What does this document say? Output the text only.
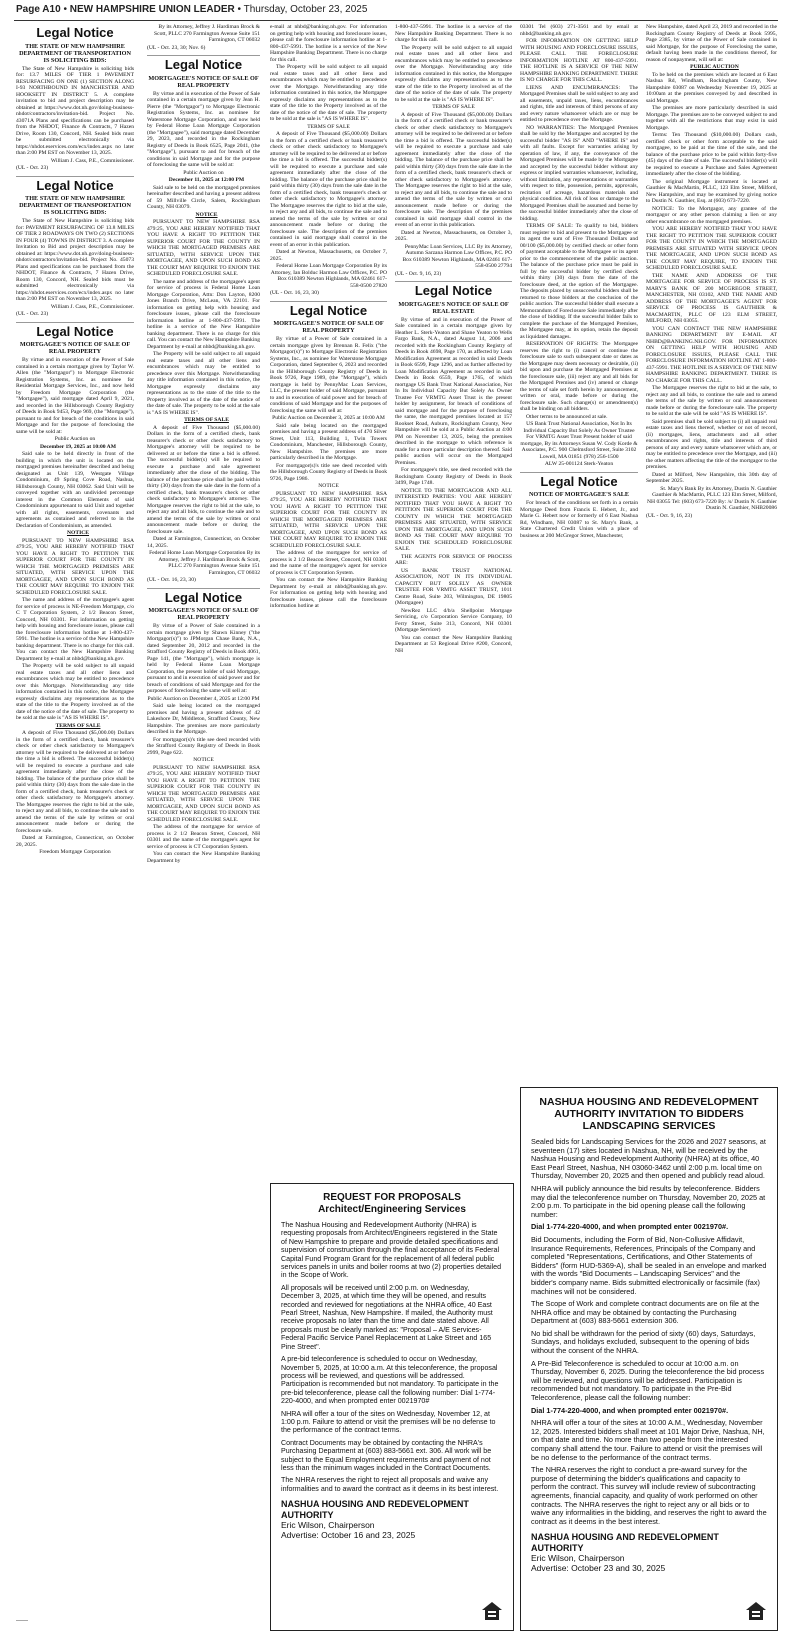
Page A10 • NEW HAMPSHIRE UNION LEADER • Thursday, October 23, 2025
Legal Notice
THE STATE OF NEW HAMPSHIRE DEPARTMENT OF TRANSPORTATION IS SOLICITING BIDS:

The State of New Hampshire is soliciting bids for: 13.7 MILES OF TIER 1 PAVEMENT RESURFACING ON ONE (1) SECTION ALONG I-93 NORTHBOUND IN MANCHESTER AND HOOKSETT IN DISTRICT 5. A complete invitation to bid and project description may be obtained at https://www.dot.nh.gov/doing-business-nhdot/contractors/invitation-bid. Project No. 43071A Plans and specifications can be purchased from the NHDOT, Finance & Contracts, 7 Hazen Drive, Room 130, Concord, NH. Sealed bids must be submitted electronically via https://nhdot.eservices.com/ecx/index.aspx no later than 2:00 PM EST on November 13, 2025.

William J. Cass, P.E., Commissioner.

(UL - Oct. 23)

Legal Notice
THE STATE OF NEW HAMPSHIRE DEPARTMENT OF TRANSPORTATION IS SOLICITING BIDS:

The State of New Hampshire is soliciting bids for: PAVEMENT RESURFACING OF 13.8 MILES OF TIER 2 ROADWAYS ON TWO (2) SECTIONS IN FOUR (4) TOWNS IN DISTRICT 3. A complete Invitation to Bid and project description may be obtained at: https://www.dot.nh.gov/doing-business-nhdot/contractors/invitation-bid. Project No. 45073 Plans and specifications can be purchased from the NHDOT, Finance & Contracts, 7 Hazen Drive, Room 130, Concord, NH. Sealed bids must be submitted electronically via https://nhdot.eservices.com/ecx/index.aspx no later than 2:00 PM EST on November 13, 2025.

William J. Cass, P.E., Commissioner.

(UL - Oct. 23)

Legal Notice
MORTGAGEE'S NOTICE OF SALE OF REAL PROPERTY

By virtue and in execution of the Power of Sale contained in a certain mortgage given by Taylor W. Allen (the "Mortgagor") to Mortgage Electronic Registration Systems, Inc. as nominee for Residential Mortgage Services, Inc., and now held by Freedom Mortgage Corporation (the "Mortgagee"), said mortgage dated April 9, 2021, and recorded in the Hillsborough County Registry of Deeds in Book 9453, Page 969, (the "Mortgage"), pursuant to and for breach of the conditions in said Mortgage and for the purpose of foreclosing the same will be sold at:

Public Auction on

December 19, 2025 at 10:00 AM

Said sale to be held directly in front of the building in which the unit is located on the mortgaged premises hereinafter described and being designated as Unit 139, Westgate Village Condominium, 49 Spring Cove Road, Nashua, Hillsborough County, NH 03062. Said Unit will be conveyed together with an undivided percentage interest in the Common Elements of said Condominium appurtenant to said Unit and together with all rights, easements, covenants and agreements as contained and referred to in the Declaration of Condominium, as amended.

NOTICE

PURSUANT TO NEW HAMPSHIRE RSA 479:25, YOU ARE HEREBY NOTIFIED THAT YOU HAVE A RIGHT TO PETITION THE SUPERIOR COURT FOR THE COUNTY IN WHICH THE MORTGAGED PREMISES ARE SITUATED, WITH SERVICE UPON THE MORTGAGEE, AND UPON SUCH BOND AS THE COURT MAY REQUIRE TO ENJOIN THE SCHEDULED FORECLOSURE SALE.

The name and address of the mortgagee's agent for service of process is NE-Freedom Mortgage, c/o C T Corporation System, 2 1/2 Beacon Street, Concord, NH 03301. For information on getting help with housing and foreclosure issues, please call the foreclosure information hotline at 1-800-437-5991. The hotline is a service of the New Hampshire banking department. There is no charge for this call. You can contact the New Hampshire Banking Department by e-mail at nhbd@banking.nh.gov.

The Property will be sold subject to all unpaid real estate taxes and all other liens and encumbrances which may be entitled to precedence over this Mortgage. Notwithstanding any title information contained in this notice, the Mortgagee expressly disclaims any representations as to the state of the title to the Property involved as of the date of the notice of the date of sale. The property to be sold at the sale is "AS IS WHERE IS".

TERMS OF SALE

A deposit of Five Thousand ($5,000.00) Dollars in the form of a certified check, bank treasurer's check or other check satisfactory to Mortgagee's attorney will be required to be delivered at or before the time a bid is offered. The successful bidder(s) will be required to execute a purchase and sale agreement immediately after the close of the bidding. The balance of the purchase price shall be paid within thirty (30) days from the sale date in the form of a certified check, bank treasurer's check or other check satisfactory to Mortgagee's attorney. The Mortgagee reserves the right to bid at the sale, to reject any and all bids, to continue the sale and to amend the terms of the sale by written or oral announcement made before or during the foreclosure sale.

Dated at Farmington, Connecticut, on October 20, 2025.

Freedom Mortgage Corporation

By its Attorney, Jeffrey J. Hardiman Brock & Scott, PLLC 270 Farmington Avenue Suite 151 Farmington, CT 06032

(UL - Oct. 23, 30; Nov. 6)

Legal Notice
MORTGAGEE'S NOTICE OF SALE OF REAL PROPERTY

By virtue and in execution of the Power of Sale contained in a certain mortgage given by Jean H. Pierre (the "Mortgagor") to Mortgage Electronic Registration Systems, Inc. as nominee for Waterstone Mortgage Corporation, and now held by Federal Home Loan Mortgage Corporation (the "Mortgagee"), said mortgage dated December 29, 2023, and recorded in the Rockingham Registry of Deeds in Book 6525, Page 2041, (the "Mortgage"), pursuant to and for breach of the conditions in said Mortgage and for the purpose of foreclosing the same will be sold at:

Public Auction on

December 11, 2025 at 12:00 PM

Said sale to be held on the mortgaged premises hereinafter described and having a present address of 59 Millville Circle, Salem, Rockingham County, NH 03079.

NOTICE

PURSUANT TO NEW HAMPSHIRE RSA 479:25, YOU ARE HEREBY NOTIFIED THAT YOU HAVE A RIGHT TO PETITION THE SUPERIOR COURT FOR THE COUNTY IN WHICH THE MORTGAGED PREMISES ARE SITUATED, WITH SERVICE UPON THE MORTGAGEE, AND UPON SUCH BOND AS THE COURT MAY REQUIRE TO ENJOIN THE SCHEDULED FORECLOSURE SALE.

The name and address of the mortgagee's agent for service of process is Federal Home Loan Mortgage Corporation, Attn: Don Layton, 8200 Jones Branch Drive, McLean, VA 22101. For information on getting help with housing and foreclosure issues, please call the foreclosure information hotline at 1-800-437-5991. The hotline is a service of the New Hampshire banking department. There is no charge for this call. You can contact the New Hampshire Banking Department by e-mail at nhbd@banking.nh.gov.

The Property will be sold subject to all unpaid real estate taxes and all other liens and encumbrances which may be entitled to precedence over this Mortgage. Notwithstanding any title information contained in this notice, the Mortgagee expressly disclaims any representations as to the state of the title to the Property involved as of the date of the notice of the date of sale. The property to be sold at the sale is "AS IS WHERE IS".

TERMS OF SALE

A deposit of Five Thousand ($5,000.00) Dollars in the form of a certified check, bank treasurer's check or other check satisfactory to Mortgagee's attorney will be required to be delivered at or before the time a bid is offered. The successful bidder(s) will be required to execute a purchase and sale agreement immediately after the close of the bidding. The balance of the purchase price shall be paid within thirty (30) days from the sale date in the form of a certified check, bank treasurer's check or other check satisfactory to Mortgagee's attorney. The Mortgagee reserves the right to bid at the sale, to reject any and all bids, to continue the sale and to amend the terms of the sale by written or oral announcement made before or during the foreclosure sale.

Dated at Farmington, Connecticut, on October 14, 2025.

Federal Home Loan Mortgage Corporation By its Attorney, Jeffrey J. Hardiman Brock & Scott, PLLC 270 Farmington Avenue Suite 151 Farmington, CT 06032

(UL - Oct. 16, 23, 30)

Legal Notice
MORTGAGEE'S NOTICE OF SALE OF REAL PROPERTY

By virtue of a Power of Sale contained in a certain mortgage given by Shawn Kinney ("the Mortgagor(s)") to JPMorgan Chase Bank, N.A., dated September 20, 2012 and recorded in the Strafford County Registry of Deeds in Book 4061, Page 141, (the "Mortgage"), which mortgage is held by Federal Home Loan Mortgage Corporation, the present holder of said Mortgage, pursuant to and in execution of said power and for breach of conditions of said Mortgage and for the purposes of foreclosing the same will sell at:

Public Auction on December 4, 2025 at 12:00 PM

Said sale being located on the mortgaged premises and having a present address of 42 Lakeshore Dr, Middleton, Strafford County, New Hampshire. The premises are more particularly described in the Mortgage.

For mortgagor(s)'s title see deed recorded with the Strafford County Registry of Deeds in Book 2999, Page 622.

NOTICE

PURSUANT TO NEW HAMPSHIRE RSA 479:25, YOU ARE HEREBY NOTIFIED THAT YOU HAVE A RIGHT TO PETITION THE SUPERIOR COURT FOR THE COUNTY IN WHICH THE MORTGAGED PREMISES ARE SITUATED, WITH SERVICE UPON THE MORTGAGEE, AND UPON SUCH BOND AS THE COURT MAY REQUIRE TO ENJOIN THE SCHEDULED FORECLOSURE SALE.

The address of the mortgagee for service of process is 2 1/2 Beacon Street, Concord, NH 03301 and the name of the mortgagee's agent for service of process is CT Corporation System.

You can contact the New Hampshire Banking Department by

e-mail at nhbd@banking.nh.gov. For information on getting help with housing and foreclosure issues, please call the foreclosure information hotline at 1-800-437-5991. The hotline is a service of the New Hampshire Banking Department. There is no charge for this call.

The Property will be sold subject to all unpaid real estate taxes and all other liens and encumbrances which may be entitled to precedence over the Mortgage. Notwithstanding any title information contained in this notice, the Mortgagee expressly disclaims any representations as to the state of the title to the Property involved as of the date of the notice of the date of sale. The property to be sold at the sale is "AS IS WHERE IS".

TERMS OF SALE

A deposit of Five Thousand ($5,000.00) Dollars in the form of a certified check or bank treasurer's check or other check satisfactory to Mortgagee's attorney will be required to be delivered at or before the time a bid is offered. The successful bidder(s) will be required to execute a purchase and sale agreement immediately after the close of the bidding. The balance of the purchase price shall be paid within thirty (30) days from the sale date in the form of a certified check, bank treasurer's check or other check satisfactory to Mortgagee's attorney. The Mortgagee reserves the right to bid at the sale, to reject any and all bids, to continue the sale and to amend the terms of the sale by written or oral announcement made before or during the foreclosure sale. The description of the premises contained in said mortgage shall control in the event of an error in this publication.

Dated at Newton, Massachusetts, on October 7, 2025.

Federal Home Loan Mortgage Corporation By its Attorney, Ian Bolduc Harmon Law Offices, P.C. PO Box 610389 Newton Highlands, MA 02461 617-558-0500 27820

(UL - Oct. 16, 23, 30)

Legal Notice
MORTGAGEE'S NOTICE OF SALE OF REAL PROPERTY

By virtue of a Power of Sale contained in a certain mortgage given by Brennan R. Felix ("the Mortgagor(s)") to Mortgage Electronic Registration Systems, Inc., as nominee for Waterstone Mortgage Corporation, dated September 6, 2023 and recorded in the Hillsborough County Registry of Deeds in Book 9726, Page 1989, (the "Mortgage"), which mortgage is held by PennyMac Loan Services, LLC, the present holder of said Mortgage, pursuant to and in execution of said power and for breach of conditions of said Mortgage and for the purposes of foreclosing the same will sell at:

Public Auction on December 3, 2025 at 10:00 AM

Said sale being located on the mortgaged premises and having a present address of 470 Silver Street, Unit 113, Building 1, Twin Towers Condominium, Manchester, Hillsborough County, New Hampshire. The premises are more particularly described in the Mortgage.

For mortgagor(s)'s title see deed recorded with the Hillsborough County Registry of Deeds in Book 9726, Page 1986.

NOTICE

PURSUANT TO NEW HAMPSHIRE RSA 479:25, YOU ARE HEREBY NOTIFIED THAT YOU HAVE A RIGHT TO PETITION THE SUPERIOR COURT FOR THE COUNTY IN WHICH THE MORTGAGED PREMISES ARE SITUATED, WITH SERVICE UPON THE MORTGAGEE, AND UPON SUCH BOND AS THE COURT MAY REQUIRE TO ENJOIN THE SCHEDULED FORECLOSURE SALE.

The address of the mortgagee for service of process is 2 1/2 Beacon Street, Concord, NH 03301 and the name of the mortgagee's agent for service of process is CT Corporation System.

You can contact the New Hampshire Banking Department by e-mail at nhbd@banking.nh.gov. For information on getting help with housing and foreclosure issues, please call the foreclosure information hotline at

1-800-437-5991. The hotline is a service of the New Hampshire Banking Department. There is no charge for this call.

The Property will be sold subject to all unpaid real estate taxes and all other liens and encumbrances which may be entitled to precedence over the Mortgage. Notwithstanding any title information contained in this notice, the Mortgagee expressly disclaims any representations as to the state of the title to the Property involved as of the date of the notice of the date of sale. The property to be sold at the sale is "AS IS WHERE IS".

TERMS OF SALE

A deposit of Five Thousand ($5,000.00) Dollars in the form of a certified check or bank treasurer's check or other check satisfactory to Mortgagee's attorney will be required to be delivered at or before the time a bid is offered. The successful bidder(s) will be required to execute a purchase and sale agreement immediately after the close of the bidding. The balance of the purchase price shall be paid within thirty (30) days from the sale date in the form of a certified check, bank treasurer's check or other check satisfactory to Mortgagee's attorney. The Mortgagee reserves the right to bid at the sale, to reject any and all bids, to continue the sale and to amend the terms of the sale by written or oral announcement made before or during the foreclosure sale. The description of the premises contained in said mortgage shall control in the event of an error in this publication.

Dated at Newton, Massachusetts, on October 3, 2025.

PennyMac Loan Services, LLC By its Attorney, Autumn Sarzana Harmon Law Offices, P.C. PO Box 610389 Newton Highlands, MA 02461 617-558-0500 27794

(UL - Oct. 9, 16, 23)

Legal Notice
MORTGAGEE'S NOTICE OF SALE OF REAL ESTATE

By virtue of and in execution of the Power of Sale contained in a certain mortgage given by Heather L. Sterk-Yeaton and Shane Yeaton to Wells Fargo Bank, N.A., dated August 14, 2006 and recorded with the Rockingham County Registry of Deeds in Book 4698, Page 170, as affected by Loan Modification Agreement as recorded in said Deeds in Book 6599, Page 1296, and as further affected by Loan Modification Agreement as recorded in said Deeds in Book 6559, Page 1765, of which mortgage US Bank Trust National Association, Not In Its Individual Capacity But Solely As Owner Trustee For VRMTG Asset Trust is the present holder by assignment, for breach of conditions of said mortgage and for the purpose of foreclosing the same, the mortgaged premises located at 157 Rookset Road, Auburn, Rockingham County, New Hampshire will be sold at a Public Auction at 4:00 PM on November 13, 2025, being the premises described in the mortgage to which reference is made for a more particular description thereof. Said public auction will occur on the Mortgaged Premises.

For mortgagee's title, see deed recorded with the Rockingham County Registry of Deeds in Book 3499, Page 1748.

NOTICE TO THE MORTGAGOR AND ALL INTERESTED PARTIES: YOU ARE HEREBY NOTIFIED THAT YOU HAVE A RIGHT TO PETITION THE SUPERIOR COURT FOR THE COUNTY IN WHICH THE MORTGAGED PREMISES ARE SITUATED, WITH SERVICE UPON THE MORTGAGEE, AND UPON SUCH BOND AS THE COURT MAY REQUIRE TO ENJOIN THE SCHEDULED FORECLOSURE SALE.

THE AGENTS FOR SERVICE OF PROCESS ARE:

US BANK TRUST NATIONAL ASSOCIATION, NOT IN ITS INDIVIDUAL CAPACITY BUT SOLELY AS OWNER TRUSTEE FOR VRMTG ASSET TRUST, 1011 Centre Road, Suite 203, Wilmington, DE 19805 (Mortgagee)

NewRez LLC d/b/a Shellpoint Mortgage Servicing, c/o Corporation Service Company, 10 Ferry Street, Suite 313, Concord, NH 03301 (Mortgage Servicer)

You can contact the New Hampshire Banking Department at 53 Regional Drive #200, Concord, NH

03301 Tel (603) 271-3561 and by email at nhbd@banking.nh.gov.

FOR INFORMATION ON GETTING HELP WITH HOUSING AND FORECLOSURE ISSUES, PLEASE CALL THE FORECLOSURE INFORMATION HOTLINE AT 800-437-5991. THE HOTLINE IS A SERVICE OF THE NEW HAMPSHIRE BANKING DEPARTMENT. THERE IS NO CHARGE FOR THIS CALL.

LIENS AND ENCUMBRANCES: The Mortgaged Premises shall be sold subject to any and all easements, unpaid taxes, liens, encumbrances and rights, title and interests of third persons of any and every nature whatsoever which are or may be entitled to precedence over the Mortgage.

NO WARRANTIES: The Mortgaged Premises shall be sold by the Mortgagee and accepted by the successful bidder "AS IS" AND "WHERE IS" and with all faults. Except for warranties arising by operation of law, if any, the conveyance of the Mortgaged Premises will be made by the Mortgagee and accepted by the successful bidder without any express or implied warranties whatsoever, including, without limitation, any representations or warranties with respect to title, possession, permits, approvals, recitation of acreage, hazardous materials and physical condition. All risk of loss or damage to the Mortgaged Premises shall be assumed and borne by the successful bidder immediately after the close of bidding.

TERMS OF SALE: To qualify to bid, bidders must register to bid and present to the Mortgagee or its agent the sum of Five Thousand Dollars and 00/100 ($5,000.00) by certified check or other form of payment acceptable to the Mortgagee or its agent prior to the commencement of the public auction. The balance of the purchase price must be paid in full by the successful bidder by certified check within thirty (30) days from the date of the foreclosure deed, at the option of the Mortgagee. The deposits placed by unsuccessful bidders shall be returned to those bidders at the conclusion of the public auction. The successful bidder shall execute a Memorandum of Foreclosure Sale immediately after the close of bidding. If the successful bidder fails to complete the purchase of the Mortgaged Premises, the Mortgagee may, at its option, retain the deposit as liquidated damages.

RESERVATION OF RIGHTS: The Mortgagee reserves the right to (i) cancel or continue the foreclosure sale to such subsequent date or dates as the Mortgagee may deem necessary or desirable, (ii) bid upon and purchase the Mortgaged Premises at the foreclosure sale, (iii) reject any and all bids for the Mortgaged Premises and (iv) amend or change the terms of sale set forth herein by announcement, written or oral, made before or during the foreclosure sale. Such change(s) or amendment(s) shall be binding on all bidders.

Other terms to be announced at sale.

US Bank Trust National Association, Not In Its Individual Capacity But Solely As Owner Trustee For VRMTG Asset Trust Present holder of said mortgage, By its Attorneys Susan W. Cody Korde & Associates, P.C. 900 Chelmsford Street, Suite 3102 Lowell, MA 01851 (978) 256-1500

ALW 25-001124 Sterk-Yeaton

Legal Notice
NOTICE OF MORTGAGEE'S SALE

For breach of the conditions set forth in a certain Mortgage Deed from Francis E. Hebert, Jr., and Marie G. Hebert now or formerly of 6 East Nashua Rd, Windham, NH 03087 to St. Mary's Bank, a State Chartered Credit Union with a place of business at 200 McGregor Street, Manchester,

New Hampshire, dated April 23, 2019 and recorded in the Rockingham County Registry of Deeds at Book 5995, Page 2385, by virtue of the Power of Sale contained in said Mortgage, for the purpose of Foreclosing the same, default having been made in the conditions thereof, for reason of nonpayment, will sell at:

PUBLIC AUCTION

To be held on the premises which are located at 6 East Nashua Rd, Windham, Rockingham County, New Hampshire 03087 on Wednesday November 19, 2025 at 10:00am at the premises conveyed by and described in said Mortgage.

The premises are more particularly described in said Mortgage. The premises are to be conveyed subject to and together with all the restrictions that may exist in said Mortgage.

Terms: Ten Thousand ($10,000.00) Dollars cash, certified check or other form acceptable to the said mortgagee, to be paid at the time of the sale, and the balance of the purchase price to be paid within forty-five (45) days of the date of sale. The successful bidder(s) will be required to execute a Purchase and Sales Agreement immediately after the close of the bidding.

The original Mortgage instrument is located at Gauthier & MacMartin, PLLC, 123 Elm Street, Milford, New Hampshire, and may be examined by giving notice to Dustin N. Gauthier, Esq. at (603) 673-7220.

NOTICE: To the Mortgagor, any grantee of the mortgagor or any other person claiming a lien or any other encumbrance on the mortgaged premises.

YOU ARE HEREBY NOTIFIED THAT YOU HAVE THE RIGHT TO PETITION THE SUPERIOR COURT FOR THE COUNTY IN WHICH THE MORTGAGED PREMISES ARE SITUATED WITH SERVICE UPON THE MORTGAGEE, AND UPON SUCH BOND AS THE COURT MAY REQUIRE, TO ENJOIN THE SCHEDULED FORECLOSURE SALE.

THE NAME AND ADDRESS OF THE MORTGAGEE FOR SERVICE OF PROCESS IS ST. MARY'S BANK OF 200 MCGREGOR STREET, MANCHESTER, NH 03102, AND THE NAME AND ADDRESS OF THE MORTGAGEE'S AGENT FOR SERVICE OF PROCESS IS GAUTHIER & MACMARTIN, PLLC OF 123 ELM STREET, MILFORD, NH 03055.

YOU CAN CONTACT THE NEW HAMPSHIRE BANKING DEPARTMENT BY E-MAIL AT NHBD@BANKING.NH.GOV. FOR INFORMATION ON GETTING HELP WITH HOUSING AND FORECLOSURE ISSUES, PLEASE CALL THE FORECLOSURE INFORMATION HOTLINE AT 1-800-437-5991. THE HOTLINE IS A SERVICE OF THE NEW HAMPSHIRE BANKING DEPARTMENT. THERE IS NO CHARGE FOR THIS CALL.

The Mortgagee reserves the right to bid at the sale, to reject any and all bids, to continue the sale and to amend the terms of the sale by written or oral announcement made before or during the foreclosure sale. The property to be sold at the sale will be sold "AS IS WHERE IS".

Said premises shall be sold subject to (i) all unpaid real estate taxes and liens thereof, whether or not of record, (ii) mortgages, liens, attachments and all other encumbrances and rights, title and interests of third persons of any and every nature whatsoever which are, or may be entitled to precedence over the Mortgage, and (iii) the other matters affecting the title of the mortgagor to the premises.

Dated at Milford, New Hampshire, this 30th day of September 2025.

St. Mary's Bank By its Attorney, Dustin N. Gauthier Gauthier & MacMartin, PLLC 123 Elm Street, Milford, NH 03055 Tel: (603) 673-7220 By: /s/ Dustin N. Gauthier Dustin N. Gauthier, NHB20086

(UL - Oct. 9, 16, 23)

REQUEST FOR PROPOSALS Architect/Engineering Services

The Nashua Housing and Redevelopment Authority (NHRA) is requesting proposals from Architect/Engineers registered in the State of New Hampshire to prepare and provide detailed specifications and supervision of construction through the final acceptance of its Federal Capital Fund Program Grant for the replacement of all federal public services panels in units and boiler rooms at two (2) properties detailed in the Scope of Work.

All proposals will be received until 2:00 p.m. on Wednesday, December 3, 2025, at which time they will be opened, and results recorded and reviewed for negotiations at the NHRA office, 40 East Pearl Street, Nashua, New Hampshire. If mailed, the Authority must receive proposals no later than the time and date stated above. All proposals must be clearly marked as: "Proposal – A/E Services- Federal Pacific Service Panel Replacement at Lake Street and 165 Pine Street".

A pre-bid teleconference is scheduled to occur on Wednesday, November 5, 2025, at 10:00 a.m. At this teleconference, the proposal process will be reviewed, and questions will be addressed. Participation is recommended but not mandatory. To participate in the pre-bid teleconference, please call the following number: Dial 1-774-220-4000, and when prompted enter 0021970#

NHRA will offer a tour of the sites on Wednesday, November 12, at 1:00 p.m. Failure to attend or visit the premises will be no defense to the performance of the contract terms.

Contract Documents may be obtained by contacting the NHRA's Purchasing Department at (603) 883-5661 ext. 306. All work will be subject to the Equal Employment requirements and payment of not less than the minimum wages included in the Contract Documents.

The NHRA reserves the right to reject all proposals and waive any informalities and to award the contract as it deems in its best interest.

NASHUA HOUSING AND REDEVELOPMENT AUTHORITY
Eric Wilson, Chairperson
Advertise: October 16 and 23, 2025
NASHUA HOUSING AND REDEVELOPMENT AUTHORITY INVITATION TO BIDDERS LANDSCAPING SERVICES

Sealed bids for Landscaping Services for the 2026 and 2027 seasons, at seventeen (17) sites located in Nashua, NH, will be received by the Nashua Housing and Redevelopment Authority (NHRA) at its office, 40 East Pearl Street, Nashua, NH 03060-3462 until 2:00 p.m. local time on Thursday, November 20, 2025 and then opened and publicly read aloud.

NHRA will publicly announce the bid results by teleconference. Bidders may dial the teleconference number on Thursday, November 20, 2025 at 2:00 p.m. To participate in the bid opening please call the following number:

Dial 1-774-220-4000, and when prompted enter 0021970#.

Bid Documents, including the Form of Bid, Non-Collusive Affidavit, Insurance Requirements, References, Principals of the Company and completed "Representations, Certifications, and Other Statements of Bidders" (form HUD-5369-A), shall be sealed in an envelope and marked with the words "Bid Documents – Landscaping Services" and the bidder's company name. Bids submitted electronically or facsimile (fax) machines will not be considered.

The Scope of Work and complete contract documents are on file at the NHRA office and may be obtained by contacting the Purchasing Department at (603) 883-5661 extension 306.

No bid shall be withdrawn for the period of sixty (60) days, Saturdays, Sundays, and holidays excluded, subsequent to the opening of bids without the consent of the NHRA.

A Pre-Bid Teleconference is scheduled to occur at 10:00 a.m. on Thursday, November 6, 2025. During the teleconference the bid process will be reviewed, and questions will be addressed. Participation is recommended but not mandatory. To participate in the Pre-Bid Teleconference, please call the following number:

Dial 1-774-220-4000, and when prompted enter 0021970#.

NHRA will offer a tour of the sites at 10:00 A.M., Wednesday, November 12, 2025. Interested bidders shall meet at 101 Major Drive, Nashua, NH, on that date and time. No more than two people from the interested company shall attend the tour. Failure to attend or visit the premises will be no defense to the performance of the contract terms.

The NHRA reserves the right to conduct a pre-award survey for the purpose of determining the bidder's qualifications and capacity to perform the contract. This survey will include review of subcontracting agreements, financial capacity, and quality of work performed on other contracts. The NHRA reserves the right to reject any or all bids or to waive any informalities in the bidding, and reserves the right to award the contract as it deems in the best interest.

NASHUA HOUSING AND REDEVELOPMENT AUTHORITY
Eric Wilson, Chairperson
Advertise: October 23 and 30, 2025
